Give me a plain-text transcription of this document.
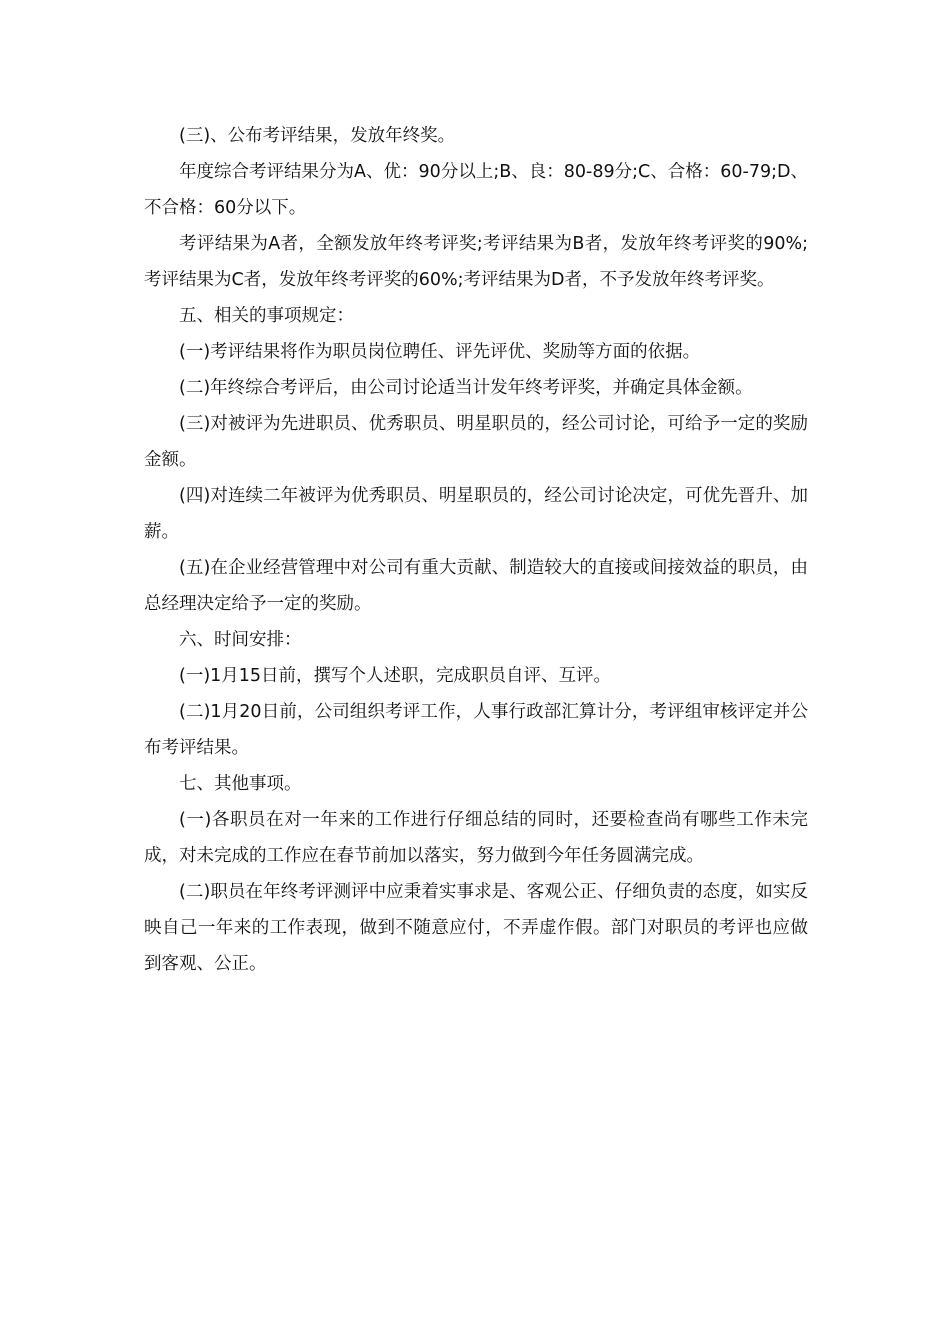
(三)、公布考评结果，发放年终奖。

年度综合考评结果分为A、优：90分以上;B、良：80-89分;C、合格：60-79;D、不合格：60分以下。

考评结果为A者，全额发放年终考评奖;考评结果为B者，发放年终考评奖的90%;考评结果为C者，发放年终考评奖的60%;考评结果为D者，不予发放年终考评奖。

五、相关的事项规定：

(一)考评结果将作为职员岗位聘任、评先评优、奖励等方面的依据。

(二)年终综合考评后，由公司讨论适当计发年终考评奖，并确定具体金额。

(三)对被评为先进职员、优秀职员、明星职员的，经公司讨论，可给予一定的奖励金额。

(四)对连续二年被评为优秀职员、明星职员的，经公司讨论决定，可优先晋升、加薪。

(五)在企业经营管理中对公司有重大贡献、制造较大的直接或间接效益的职员，由总经理决定给予一定的奖励。

六、时间安排：

(一)1月15日前，撰写个人述职，完成职员自评、互评。

(二)1月20日前，公司组织考评工作，人事行政部汇算计分，考评组审核评定并公布考评结果。

七、其他事项。

(一)各职员在对一年来的工作进行仔细总结的同时，还要检查尚有哪些工作未完成，对未完成的工作应在春节前加以落实，努力做到今年任务圆满完成。

(二)职员在年终考评测评中应秉着实事求是、客观公正、仔细负责的态度，如实反映自己一年来的工作表现，做到不随意应付，不弄虚作假。部门对职员的考评也应做到客观、公正。
